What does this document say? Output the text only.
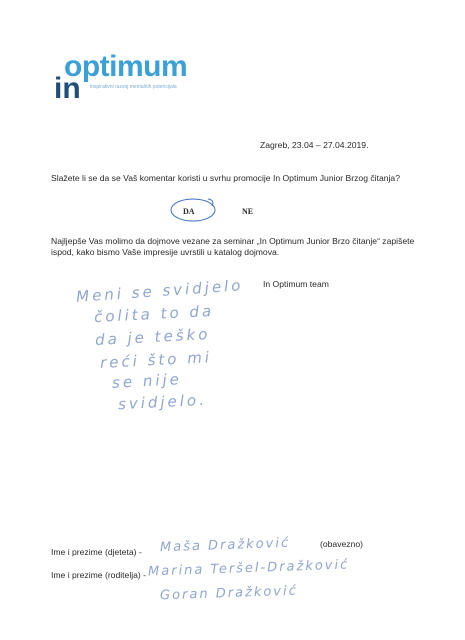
optimum
in inspirativni razvoj mentalnih potencijala
Zagreb, 23.04 – 27.04.2019.
Slažete li se da se Vaš komentar koristi u svrhu promocije In Optimum Junior Brzog čitanja?
DA	NE
Najljepše Vas molimo da dojmove vezane za seminar „In Optimum Junior Brzo čitanje“ zapišete ispod, kako bismo Vaše impresije uvrstili u katalog dojmova.
In Optimum team
Meni se svidjelo
čolita to da
da je teško
reći što mi
se nije
svidjelo.
Ime i prezime (djeteta) -
(obavezno)
Ime i prezime (roditelja) -
Maša Dražković
Marina Teršel-Dražković
Goran Dražković
